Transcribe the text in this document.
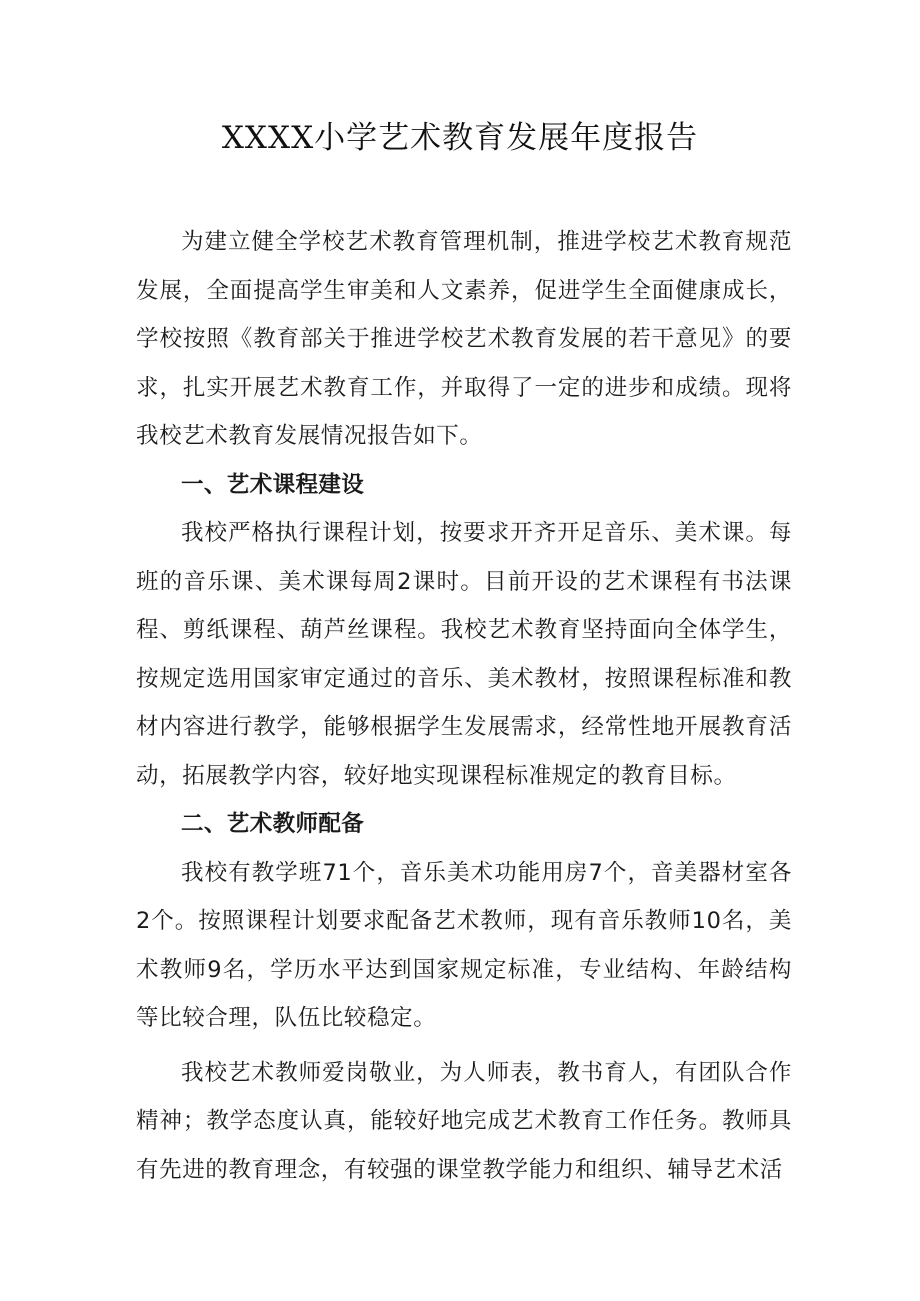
XXXX小学艺术教育发展年度报告

为建立健全学校艺术教育管理机制，推进学校艺术教育规范发展，全面提高学生审美和人文素养，促进学生全面健康成长，学校按照《教育部关于推进学校艺术教育发展的若干意见》的要求，扎实开展艺术教育工作，并取得了一定的进步和成绩。现将我校艺术教育发展情况报告如下。

一、艺术课程建设

我校严格执行课程计划，按要求开齐开足音乐、美术课。每班的音乐课、美术课每周2课时。目前开设的艺术课程有书法课程、剪纸课程、葫芦丝课程。我校艺术教育坚持面向全体学生，按规定选用国家审定通过的音乐、美术教材，按照课程标准和教材内容进行教学，能够根据学生发展需求，经常性地开展教育活动，拓展教学内容，较好地实现课程标准规定的教育目标。

二、艺术教师配备

我校有教学班71个，音乐美术功能用房7个，音美器材室各2个。按照课程计划要求配备艺术教师，现有音乐教师10名，美术教师9名，学历水平达到国家规定标准，专业结构、年龄结构等比较合理，队伍比较稳定。

我校艺术教师爱岗敬业，为人师表，教书育人，有团队合作精神；教学态度认真，能较好地完成艺术教育工作任务。教师具有先进的教育理念，有较强的课堂教学能力和组织、辅导艺术活
